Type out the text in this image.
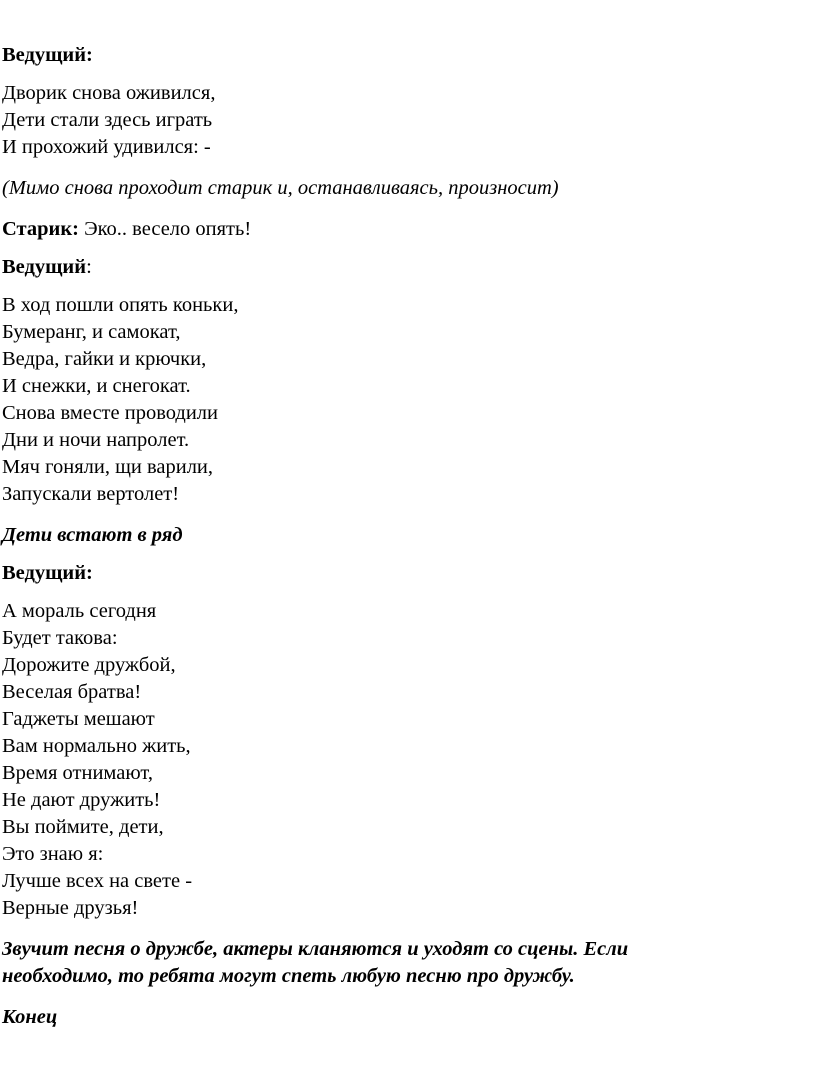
Ведущий:

Дворик снова оживился,
Дети стали здесь играть
И прохожий удивился: -

(Мимо снова проходит старик и, останавливаясь, произносит)

Старик: Эко.. весело опять!

Ведущий:

В ход пошли опять коньки,
Бумеранг, и самокат,
Ведра, гайки и крючки,
И снежки, и снегокат.
Снова вместе проводили
Дни и ночи напролет.
Мяч гоняли, щи варили,
Запускали вертолет!

Дети встают в ряд

Ведущий:

А мораль сегодня
Будет такова:
Дорожите дружбой,
Веселая братва!
Гаджеты мешают
Вам нормально жить,
Время отнимают,
Не дают дружить!
Вы поймите, дети,
Это знаю я:
Лучше всех на свете -
Верные друзья!

Звучит песня о дружбе, актеры кланяются и уходят со сцены. Если
необходимо, то ребята могут спеть любую песню про дружбу.

Конец
